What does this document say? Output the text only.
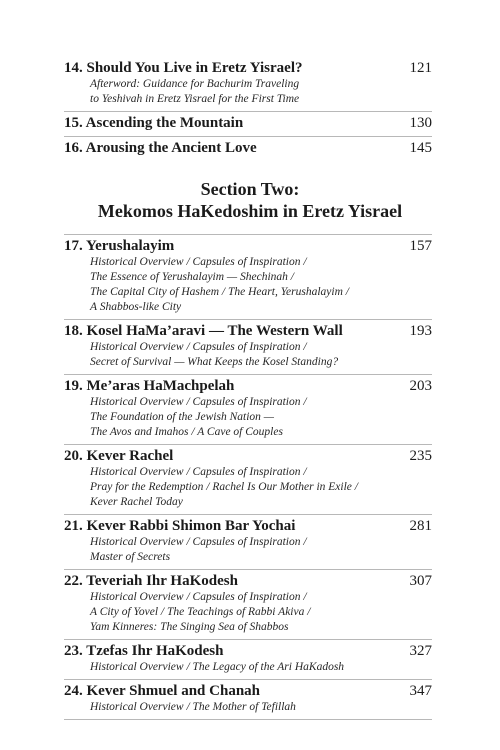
14. Should You Live in Eretz Yisrael?	121
Afterword: Guidance for Bachurim Traveling
to Yeshivah in Eretz Yisrael for the First Time
15. Ascending the Mountain	130
16. Arousing the Ancient Love	145
Section Two:
Mekomos HaKedoshim in Eretz Yisrael
17. Yerushalayim	157
Historical Overview / Capsules of Inspiration /
The Essence of Yerushalayim — Shechinah /
The Capital City of Hashem / The Heart, Yerushalayim /
A Shabbos-like City
18. Kosel HaMa’aravi — The Western Wall	193
Historical Overview / Capsules of Inspiration /
Secret of Survival — What Keeps the Kosel Standing?
19. Me’aras HaMachpelah	203
Historical Overview / Capsules of Inspiration /
The Foundation of the Jewish Nation —
The Avos and Imahos / A Cave of Couples
20. Kever Rachel	235
Historical Overview / Capsules of Inspiration /
Pray for the Redemption / Rachel Is Our Mother in Exile /
Kever Rachel Today
21. Kever Rabbi Shimon Bar Yochai	281
Historical Overview / Capsules of Inspiration /
Master of Secrets
22. Teveriah Ihr HaKodesh	307
Historical Overview / Capsules of Inspiration /
A City of Yovel / The Teachings of Rabbi Akiva /
Yam Kinneres: The Singing Sea of Shabbos
23. Tzefas Ihr HaKodesh	327
Historical Overview / The Legacy of the Ari HaKadosh
24. Kever Shmuel and Chanah	347
Historical Overview / The Mother of Tefillah
